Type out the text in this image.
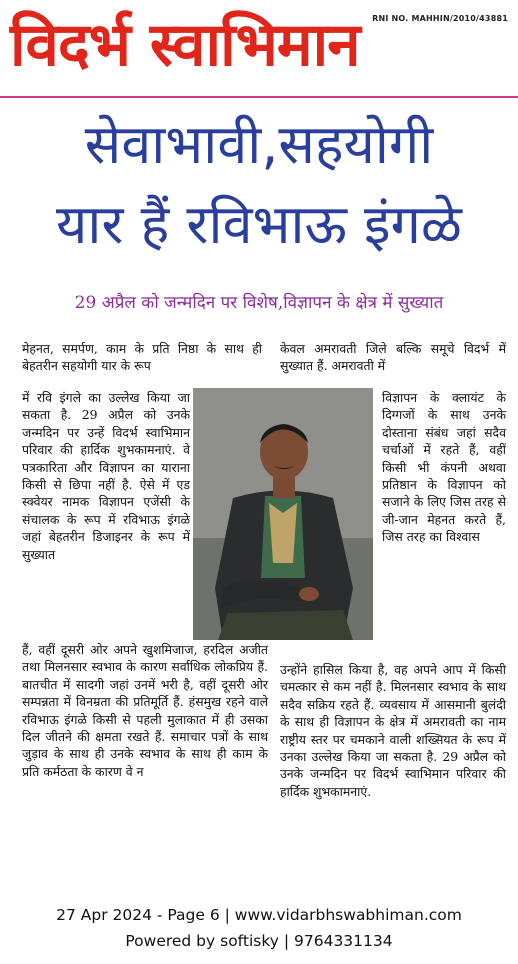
विदर्भ स्वाभिमान RNI NO. MAHHIN/2010/43881
सेवाभावी,सहयोगी
यार हैं रविभाऊ इंगळे
29 अप्रैल को जन्मदिन पर विशेष,विज्ञापन के क्षेत्र में सुख्यात

मेहनत, समर्पण, काम के प्रति निष्ठा के साथ ही बेहतरीन सहयोगी यार के रूप

में रवि इंगले का उल्लेख किया जा सकता है. 29 अप्रैल को उनके जन्मदिन पर उन्हें विदर्भ स्वाभिमान परिवार की हार्दिक शुभकामनाएं. वे पत्रकारिता और विज्ञापन का याराना किसी से छिपा नहीं है. ऐसे में एड स्क्वेयर नामक विज्ञापन एजेंसी के संचालक के रूप में रविभाऊ इंगळे जहां बेहतरीन डिजाइनर के रूप में सुख्यात

हैं, वहीं दूसरी ओर अपने खुशमिजाज, हरदिल अजीत तथा मिलनसार स्वभाव के कारण सर्वाधिक लोकप्रिय हैं. बातचीत में सादगी जहां उनमें भरी है, वहीं दूसरी ओर सम्पन्नता में विनम्रता की प्रतिमूर्ति हैं. हंसमुख रहने वाले रविभाऊ इंगळे किसी से पहली मुलाकात में ही उसका दिल जीतने की क्षमता रखते हैं. समाचार पत्रों के साथ जुड़ाव के साथ ही उनके स्वभाव के साथ ही काम के प्रति कर्मठता के कारण वे न

केवल अमरावती जिले बल्कि समूचे विदर्भ में सुख्यात हैं. अमरावती में

विज्ञापन के क्लायंट के दिग्गजों के साथ उनके दोस्ताना संबंध जहां सदैव चर्चाओं में रहते हैं, वहीं किसी भी कंपनी अथवा प्रतिष्ठान के विज्ञापन को सजाने के लिए जिस तरह से जी-जान मेहनत करते हैं, जिस तरह का विश्वास

उन्होंने हासिल किया है, वह अपने आप में किसी चमत्कार से कम नहीं है. मिलनसार स्वभाव के साथ सदैव सक्रिय रहते हैं. व्यवसाय में आसमानी बुलंदी के साथ ही विज्ञापन के क्षेत्र में अमरावती का नाम राष्ट्रीय स्तर पर चमकाने वाली शख्सियत के रूप में उनका उल्लेख किया जा सकता है. 29 अप्रैल को उनके जन्मदिन पर विदर्भ स्वाभिमान परिवार की हार्दिक शुभकामनाएं.

27 Apr 2024 - Page 6 | www.vidarbhswabhiman.com
Powered by softisky | 9764331134
